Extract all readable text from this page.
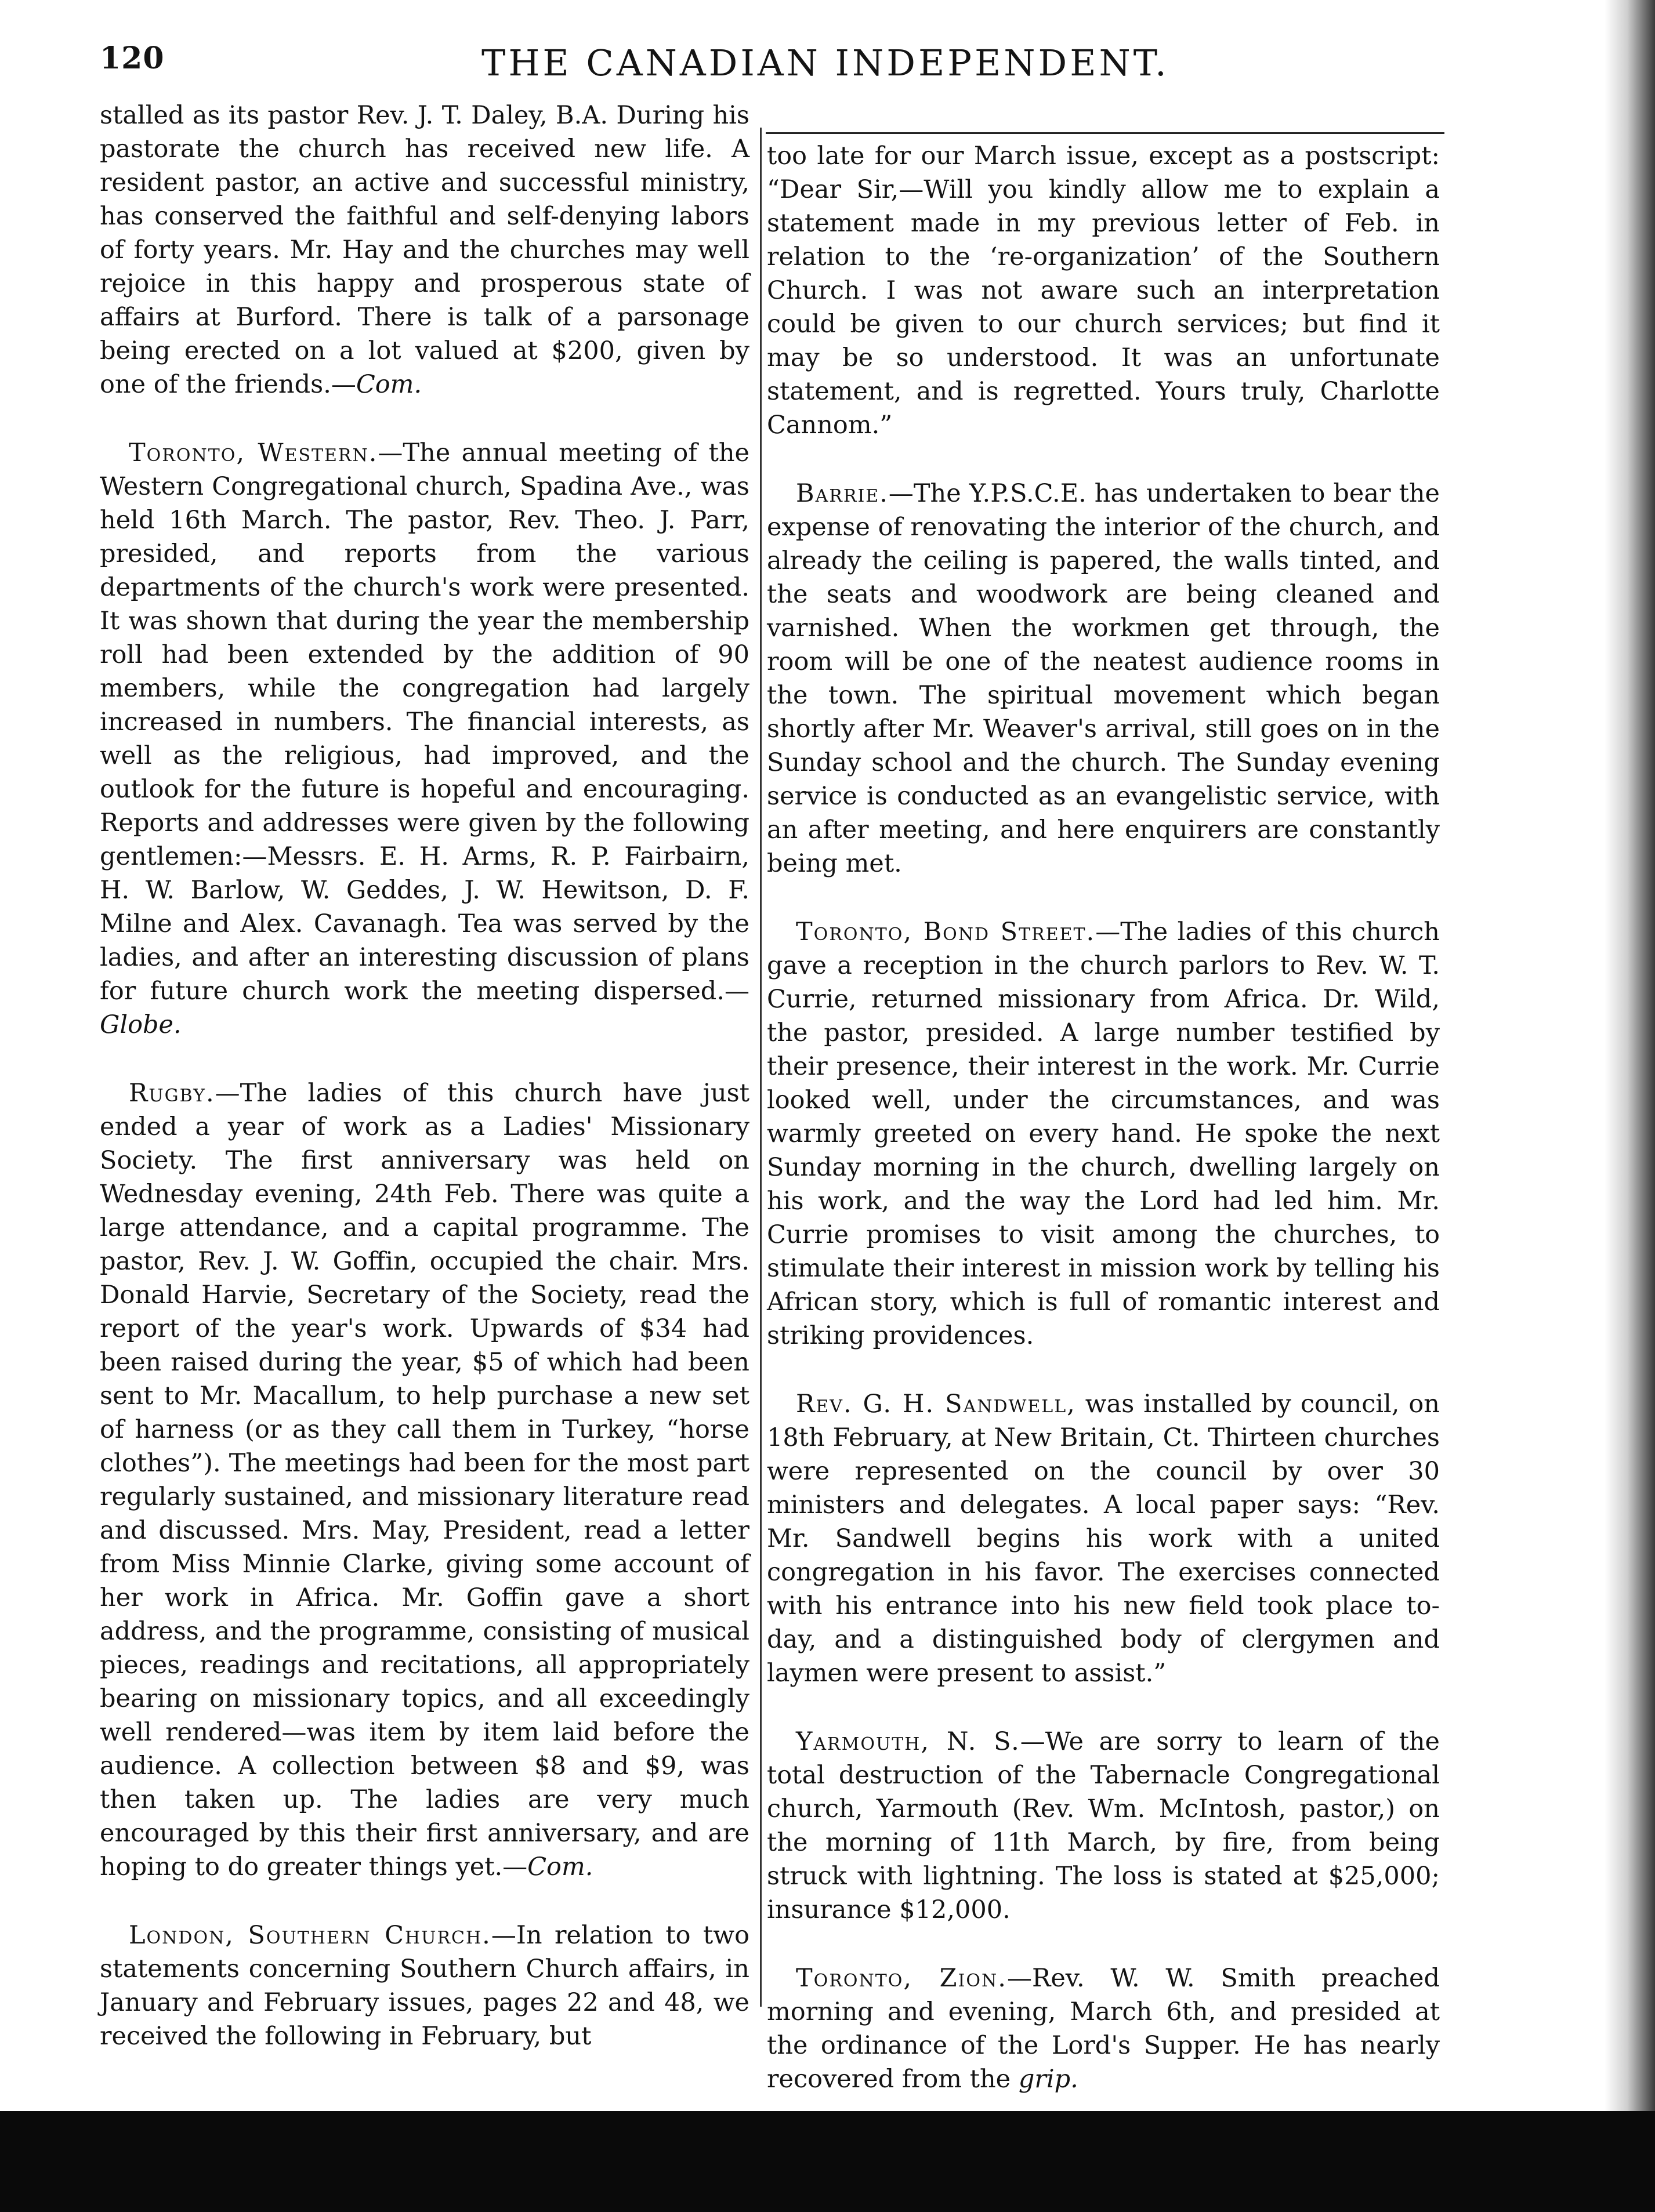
120	THE CANADIAN INDEPENDENT.

stalled as its pastor Rev. J. T. Daley, B.A. During his pastorate the church has received new life. A resident pastor, an active and successful ministry, has conserved the faithful and self-denying labors of forty years. Mr. Hay and the churches may well rejoice in this happy and prosperous state of affairs at Burford. There is talk of a parsonage being erected on a lot valued at $200, given by one of the friends.—Com.

Toronto, Western.—The annual meeting of the Western Congregational church, Spadina Ave., was held 16th March. The pastor, Rev. Theo. J. Parr, presided, and reports from the various departments of the church's work were presented. It was shown that during the year the membership roll had been extended by the addition of 90 members, while the congregation had largely increased in numbers. The financial interests, as well as the religious, had improved, and the outlook for the future is hopeful and encouraging. Reports and addresses were given by the following gentlemen:—Messrs. E. H. Arms, R. P. Fairbairn, H. W. Barlow, W. Geddes, J. W. Hewitson, D. F. Milne and Alex. Cavanagh. Tea was served by the ladies, and after an interesting discussion of plans for future church work the meeting dispersed.—Globe.

Rugby.—The ladies of this church have just ended a year of work as a Ladies' Missionary Society. The first anniversary was held on Wednesday evening, 24th Feb. There was quite a large attendance, and a capital programme. The pastor, Rev. J. W. Goffin, occupied the chair. Mrs. Donald Harvie, Secretary of the Society, read the report of the year's work. Upwards of $34 had been raised during the year, $5 of which had been sent to Mr. Macallum, to help purchase a new set of harness (or as they call them in Turkey, “horse clothes”). The meetings had been for the most part regularly sustained, and missionary literature read and discussed. Mrs. May, President, read a letter from Miss Minnie Clarke, giving some account of her work in Africa. Mr. Goffin gave a short address, and the programme, consisting of musical pieces, readings and recitations, all appropriately bearing on missionary topics, and all exceedingly well rendered—was item by item laid before the audience. A collection between $8 and $9, was then taken up. The ladies are very much encouraged by this their first anniversary, and are hoping to do greater things yet.—Com.

London, Southern Church.—In relation to two statements concerning Southern Church affairs, in January and February issues, pages 22 and 48, we received the following in February, but

too late for our March issue, except as a postscript: “Dear Sir,—Will you kindly allow me to explain a statement made in my previous letter of Feb. in relation to the ‘re-organization’ of the Southern Church. I was not aware such an interpretation could be given to our church services; but find it may be so understood. It was an unfortunate statement, and is regretted. Yours truly, Charlotte Cannom.”

Barrie.—The Y.P.S.C.E. has undertaken to bear the expense of renovating the interior of the church, and already the ceiling is papered, the walls tinted, and the seats and woodwork are being cleaned and varnished. When the workmen get through, the room will be one of the neatest audience rooms in the town. The spiritual movement which began shortly after Mr. Weaver's arrival, still goes on in the Sunday school and the church. The Sunday evening service is conducted as an evangelistic service, with an after meeting, and here enquirers are constantly being met.

Toronto, Bond Street.—The ladies of this church gave a reception in the church parlors to Rev. W. T. Currie, returned missionary from Africa. Dr. Wild, the pastor, presided. A large number testified by their presence, their interest in the work. Mr. Currie looked well, under the circumstances, and was warmly greeted on every hand. He spoke the next Sunday morning in the church, dwelling largely on his work, and the way the Lord had led him. Mr. Currie promises to visit among the churches, to stimulate their interest in mission work by telling his African story, which is full of romantic interest and striking providences.

Rev. G. H. Sandwell, was installed by council, on 18th February, at New Britain, Ct. Thirteen churches were represented on the council by over 30 ministers and delegates. A local paper says: “Rev. Mr. Sandwell begins his work with a united congregation in his favor. The exercises connected with his entrance into his new field took place to-day, and a distinguished body of clergymen and laymen were present to assist.”

Yarmouth, N. S.—We are sorry to learn of the total destruction of the Tabernacle Congregational church, Yarmouth (Rev. Wm. McIntosh, pastor,) on the morning of 11th March, by fire, from being struck with lightning. The loss is stated at $25,000; insurance $12,000.

Toronto, Zion.—Rev. W. W. Smith preached morning and evening, March 6th, and presided at the ordinance of the Lord's Supper. He has nearly recovered from the grip.
